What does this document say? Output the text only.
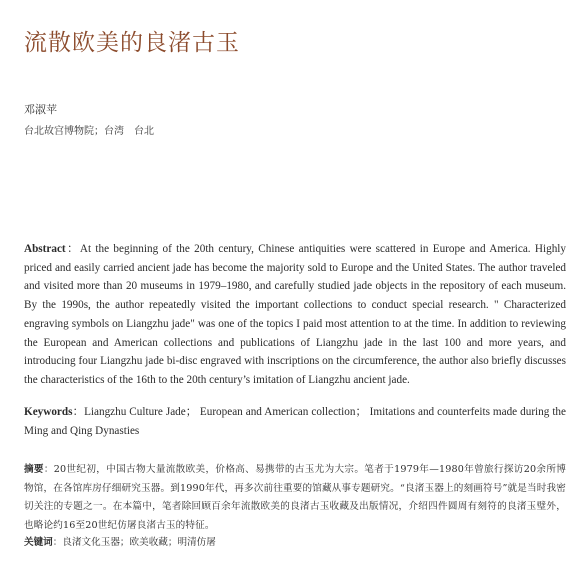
流散欧美的良渚古玉
邓淑苹
台北故宫博物院；台湾　台北
Abstract：At the beginning of the 20th century, Chinese antiquities were scattered in Europe and America. Highly priced and easily carried ancient jade has become the majority sold to Europe and the United States. The author traveled and visited more than 20 museums in 1979–1980, and carefully studied jade objects in the repository of each museum. By the 1990s, the author repeatedly visited the important collections to conduct special research. " Characterized engraving symbols on Liangzhu jade" was one of the topics I paid most attention to at the time. In addition to reviewing the European and American collections and publications of Liangzhu jade in the last 100 and more years, and introducing four Liangzhu jade bi-disc engraved with inscriptions on the circumference, the author also briefly discusses the characteristics of the 16th to the 20th century’s imitation of Liangzhu ancient jade.
Keywords：Liangzhu Culture Jade； European and American collection； Imitations and counterfeits made during the Ming and Qing Dynasties
摘要：20世纪初，中国古物大量流散欧美，价格高、易携带的古玉尤为大宗。笔者于1979年—1980年曾旅行探访20余所博物馆，在各馆库房仔细研究玉器。到1990年代，再多次前往重要的馆藏从事专题研究。“良渚玉器上的刻画符号”就是当时我密切关注的专题之一。在本篇中，笔者除回顾百余年流散欧美的良渚古玉收藏及出版情况，介绍四件圆周有刻符的良渚玉璧外，也略论约16至20世纪仿屠良渚古玉的特征。
关键词：良渚文化玉器；欧美收藏；明清仿屠
